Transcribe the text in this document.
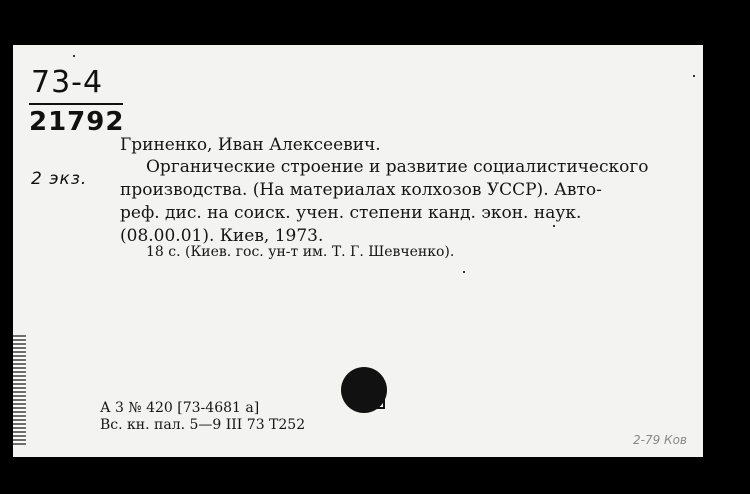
73-4
21792
2 экз.
Гриненко, Иван Алексеевич.
Органические строение и развитие социалистического
производства. (На материалах колхозов УССР). Авто-
реф. дис. на соиск. учен. степени канд. экон. наук.
(08.00.01). Киев, 1973.
18 с. (Киев. гос. ун-т им. Т. Г. Шевченко).
А 3 № 420 [73-4681 а]
Вс. кн. пал. 5—9 III 73 Т252
2-79 Ков
